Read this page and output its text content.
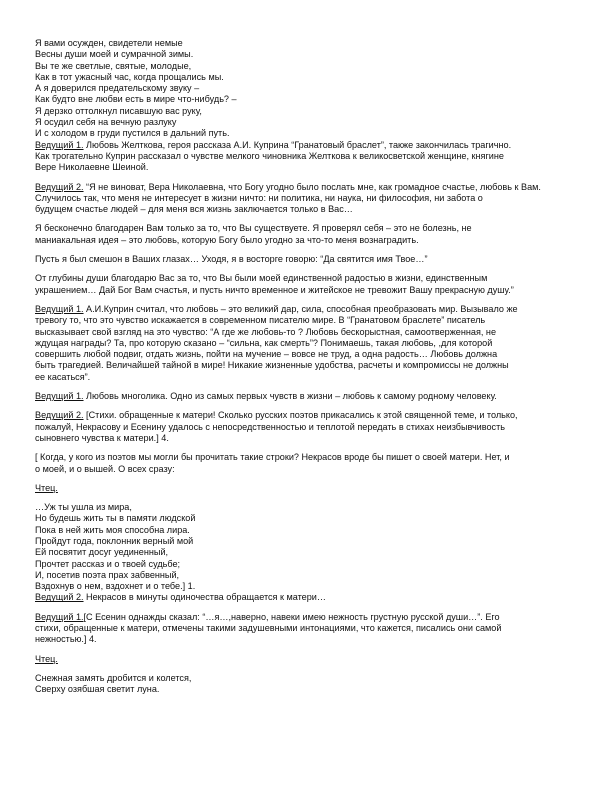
Я вами осужден, свидетели немые
Весны души моей и сумрачной зимы.
Вы те же светлые, святые, молодые,
Как в тот ужасный час, когда прощались мы.
А я доверился предательскому звуку –
Как будто вне любви есть в мире что-нибудь? –
Я дерзко оттолкнул писавшую вас руку,
Я осудил себя на вечную разлуку
И с холодом в груди пустился в дальний путь.
Ведущий 1. Любовь Желткова, героя рассказа А.И. Куприна “Гранатовый браслет”, также закончилась трагично.
Как трогательно Куприн рассказал о чувстве мелкого чиновника Желткова к великосветской женщине, княгине
Вере Николаевне Шеиной.
Ведущий 2. “Я не виноват, Вера Николаевна, что Богу угодно было послать мне, как громадное счастье, любовь к Вам.
Случилось так, что меня не интересует в жизни ничто: ни политика, ни наука, ни философия, ни забота о
будущем счастье людей – для меня вся жизнь заключается только в Вас…
Я бесконечно благодарен Вам только за то, что Вы существуете. Я проверял себя – это не болезнь, не
маниакальная идея – это любовь, которую Богу было угодно за что-то меня вознаградить.
Пусть я был смешон в Ваших глазах… Уходя, я в восторге говорю: “Да святится имя Твое…”
От глубины души благодарю Вас за то, что Вы были моей единственной радостью в жизни, единственным
украшением… Дай Бог Вам счастья, и пусть ничто временное и житейское не тревожит Вашу прекрасную душу.”
Ведущий 1. А.И.Куприн считал, что любовь – это великий дар, сила, способная преобразовать мир. Вызывало же
тревогу то, что это чувство искажается в современном писателю мире. В “Гранатовом браслете” писатель
высказывает свой взгляд на это чувство: “А где же любовь-то ? Любовь бескорыстная, самоотверженная, не
ждущая награды? Та, про которую сказано – “сильна, как смерть”? Понимаешь, такая любовь, ,для которой
совершить любой подвиг, отдать жизнь, пойти на мучение – вовсе не труд, а одна радость… Любовь должна
быть трагедией. Величайшей тайной в мире! Никакие жизненные удобства, расчеты и компромиссы не должны
ее касаться”.
Ведущий 1. Любовь многолика. Одно из самых первых чувств в жизни – любовь к самому родному человеку.
Ведущий 2. [Стихи. обращенные к матери! Сколько русских поэтов прикасались к этой священной теме, и только,
пожалуй, Некрасову и Есенину удалось с непосредственностью и теплотой передать в стихах неизбывчивость
сыновнего чувства к матери.] 4.
[ Когда, у кого из поэтов мы могли бы прочитать такие строки? Некрасов вроде бы пишет о своей матери. Нет, и
о моей, и о вышей. О всех сразу:
Чтец.
…Уж ты ушла из мира,
Но будешь жить ты в памяти людской
Пока в ней жить моя способна лира.
Пройдут года, поклонник верный мой
Ей посвятит досуг уединенный,
Прочтет рассказ и о твоей судьбе;
И, посетив поэта прах забвенный,
Вздохнув о нем, вздохнет и о тебе.] 1.
Ведущий 2. Некрасов в минуты одиночества обращается к матери…
Ведущий 1.[С Есенин однажды сказал: “…я…,наверно, навеки имею нежность грустную русской души…”. Его
стихи, обращенные к матери, отмечены такими задушевными интонациями, что кажется, писались они самой
нежностью.] 4.
Чтец.
Снежная замять дробится и колется,
Сверху озябшая светит луна.
